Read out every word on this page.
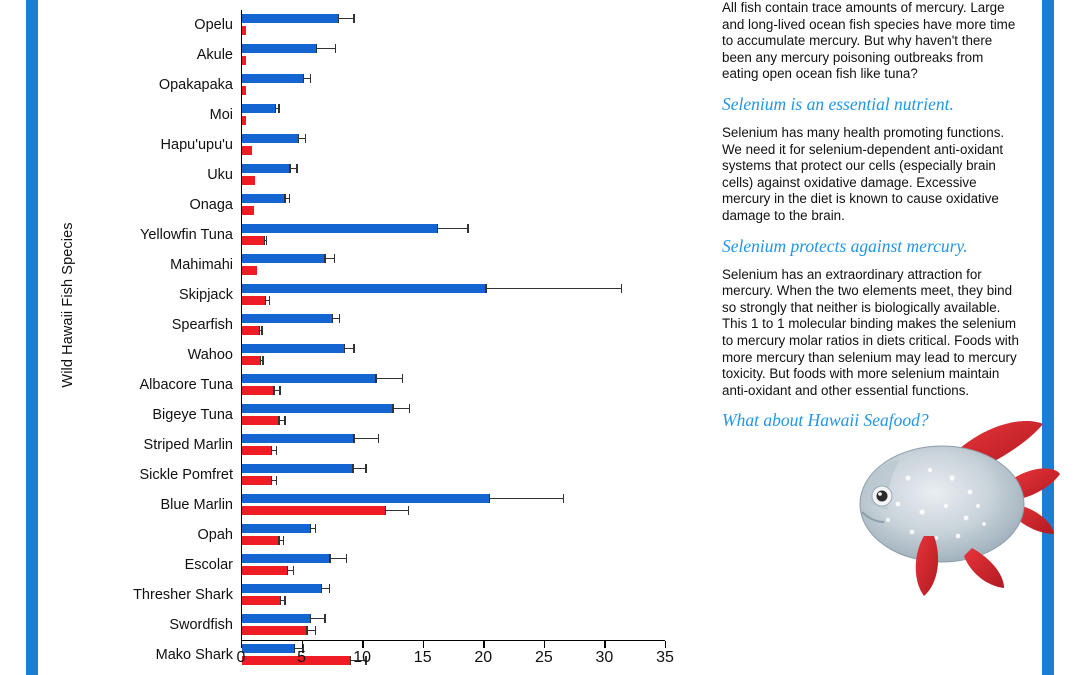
Wild Hawaii Fish Species
Opelu
Akule
Opakapaka
Moi
Hapu'upu'u
Uku
Onaga
Yellowfin Tuna
Mahimahi
Skipjack
Spearfish
Wahoo
Albacore Tuna
Bigeye Tuna
Striped Marlin
Sickle Pomfret
Blue Marlin
Opah
Escolar
Thresher Shark
Swordfish
Mako Shark 0	5	10	15	20	25	30	35

All fish contain trace amounts of mercury. Large and long-lived ocean fish species have more time to accumulate mercury. But why haven't there been any mercury poisoning outbreaks from eating open ocean fish like tuna?

Selenium is an essential nutrient.

Selenium has many health promoting functions. We need it for selenium-dependent anti-oxidant systems that protect our cells (especially brain cells) against oxidative damage. Excessive mercury in the diet is known to cause oxidative damage to the brain.

Selenium protects against mercury.

Selenium has an extraordinary attraction for mercury. When the two elements meet, they bind so strongly that neither is biologically available. This 1 to 1 molecular binding makes the selenium to mercury molar ratios in diets critical. Foods with more mercury than selenium may lead to mercury toxicity. But foods with more selenium maintain anti-oxidant and other essential functions.

What about Hawaii Seafood?
